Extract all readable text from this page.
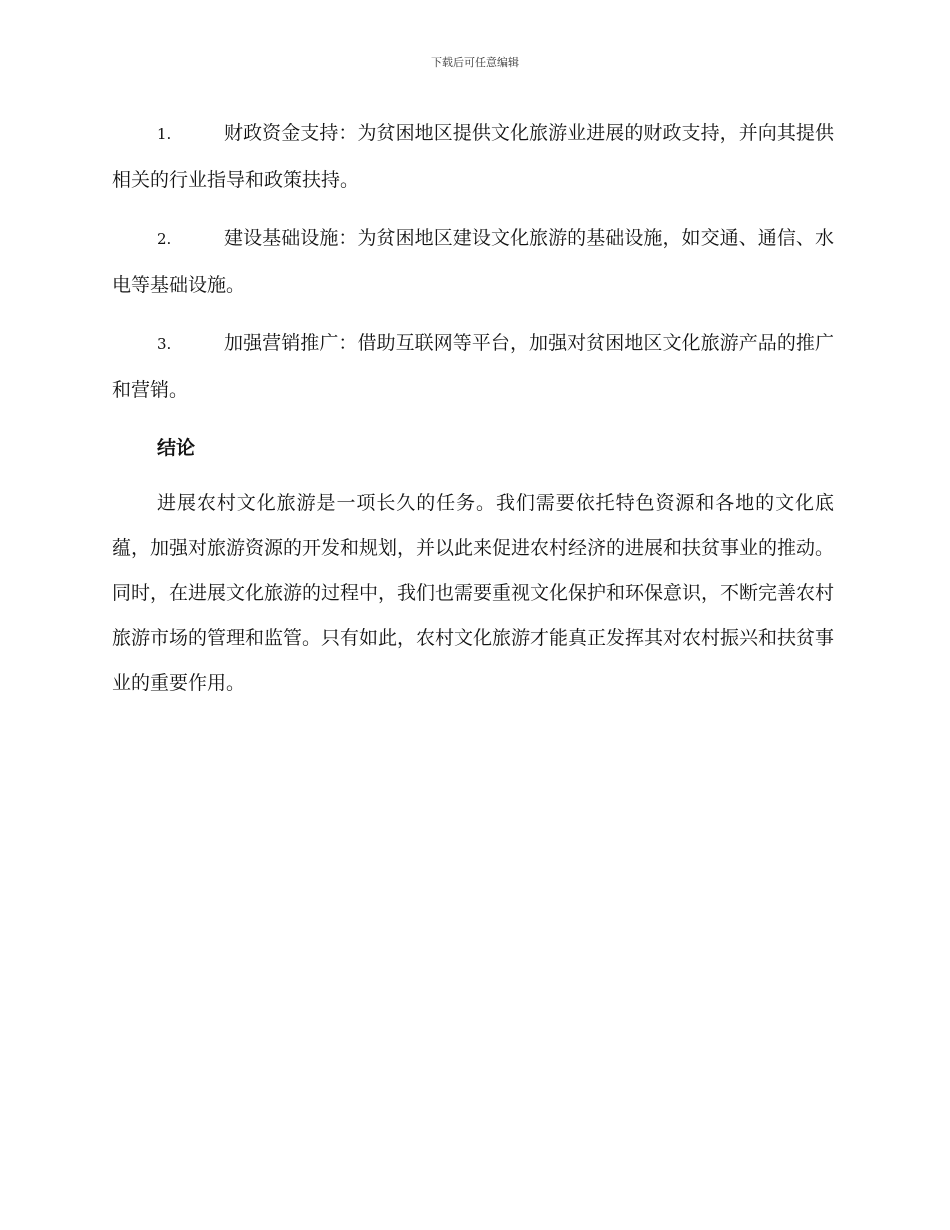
下载后可任意编辑

1.	财政资金支持：为贫困地区提供文化旅游业进展的财政支持，并向其提供相关的行业指导和政策扶持。

2.	建设基础设施：为贫困地区建设文化旅游的基础设施，如交通、通信、水电等基础设施。

3.	加强营销推广：借助互联网等平台，加强对贫困地区文化旅游产品的推广和营销。

结论

进展农村文化旅游是一项长久的任务。我们需要依托特色资源和各地的文化底蕴，加强对旅游资源的开发和规划，并以此来促进农村经济的进展和扶贫事业的推动。同时，在进展文化旅游的过程中，我们也需要重视文化保护和环保意识，不断完善农村旅游市场的管理和监管。只有如此，农村文化旅游才能真正发挥其对农村振兴和扶贫事业的重要作用。
